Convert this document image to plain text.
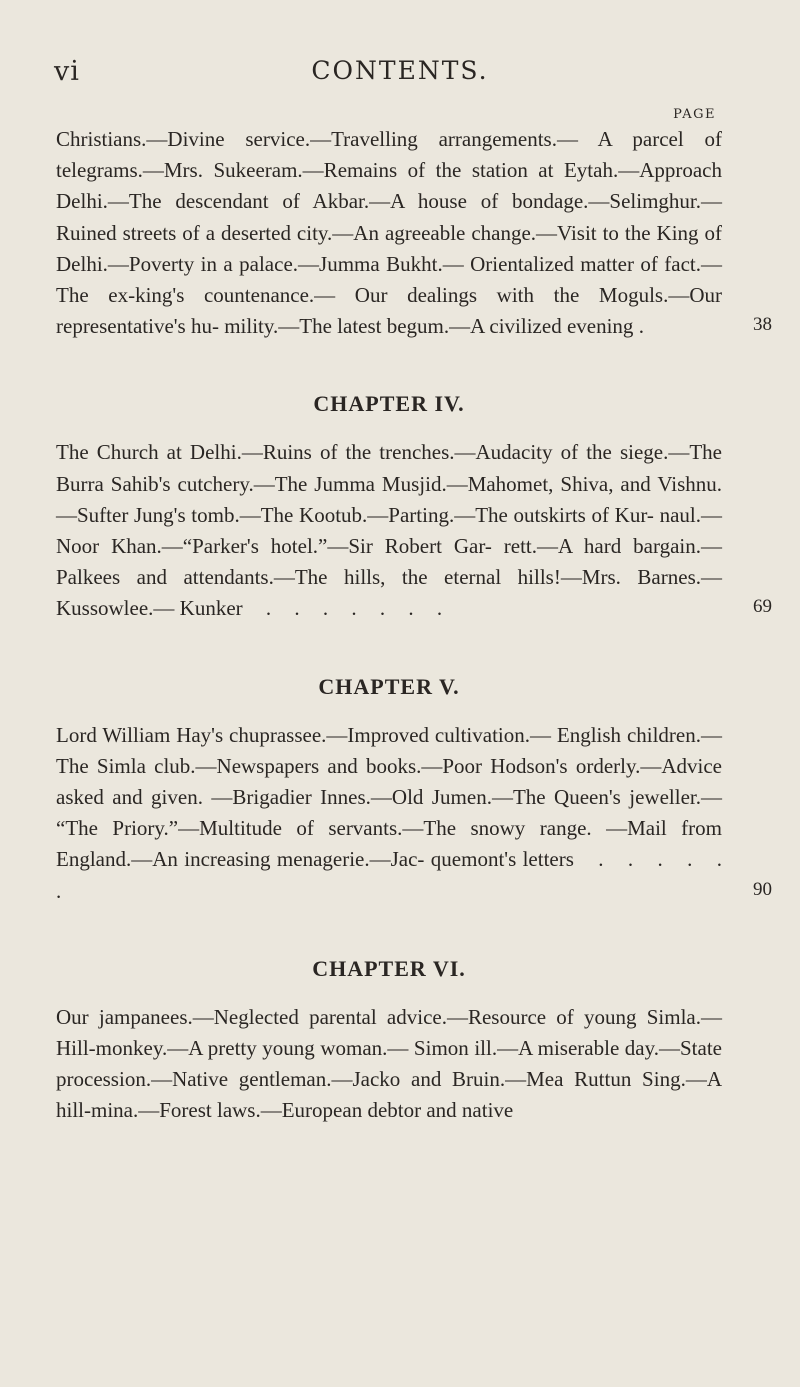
vi	CONTENTS.
PAGE

Christians.—Divine service.—Travelling arrangements.— A parcel of telegrams.—Mrs. Sukeeram.—Remains of the station at Eytah.—Approach Delhi.—The descendant of Akbar.—A house of bondage.—Selimghur.—Ruined streets of a deserted city.—An agreeable change.—Visit to the King of Delhi.—Poverty in a palace.—Jumma Bukht.— Orientalized matter of fact.—The ex-king's countenance.— Our dealings with the Moguls.—Our representative's hu- mility.—The latest begum.—A civilized evening .	38

CHAPTER IV.

The Church at Delhi.—Ruins of the trenches.—Audacity of the siege.—The Burra Sahib's cutchery.—The Jumma Musjid.—Mahomet, Shiva, and Vishnu.—Sufter Jung's tomb.—The Kootub.—Parting.—The outskirts of Kur- naul.—Noor Khan.—“Parker's hotel.”—Sir Robert Gar- rett.—A hard bargain.—Palkees and attendants.—The hills, the eternal hills!—Mrs. Barnes.—Kussowlee.— Kunker . . . . . . .	69

CHAPTER V.

Lord William Hay's chuprassee.—Improved cultivation.— English children.—The Simla club.—Newspapers and books.—Poor Hodson's orderly.—Advice asked and given. —Brigadier Innes.—Old Jumen.—The Queen's jeweller.— “The Priory.”—Multitude of servants.—The snowy range. —Mail from England.—An increasing menagerie.—Jac- quemont's letters . . . . . .	90

CHAPTER VI.

Our jampanees.—Neglected parental advice.—Resource of young Simla.—Hill-monkey.—A pretty young woman.— Simon ill.—A miserable day.—State procession.—Native gentleman.—Jacko and Bruin.—Mea Ruttun Sing.—A hill-mina.—Forest laws.—European debtor and native
